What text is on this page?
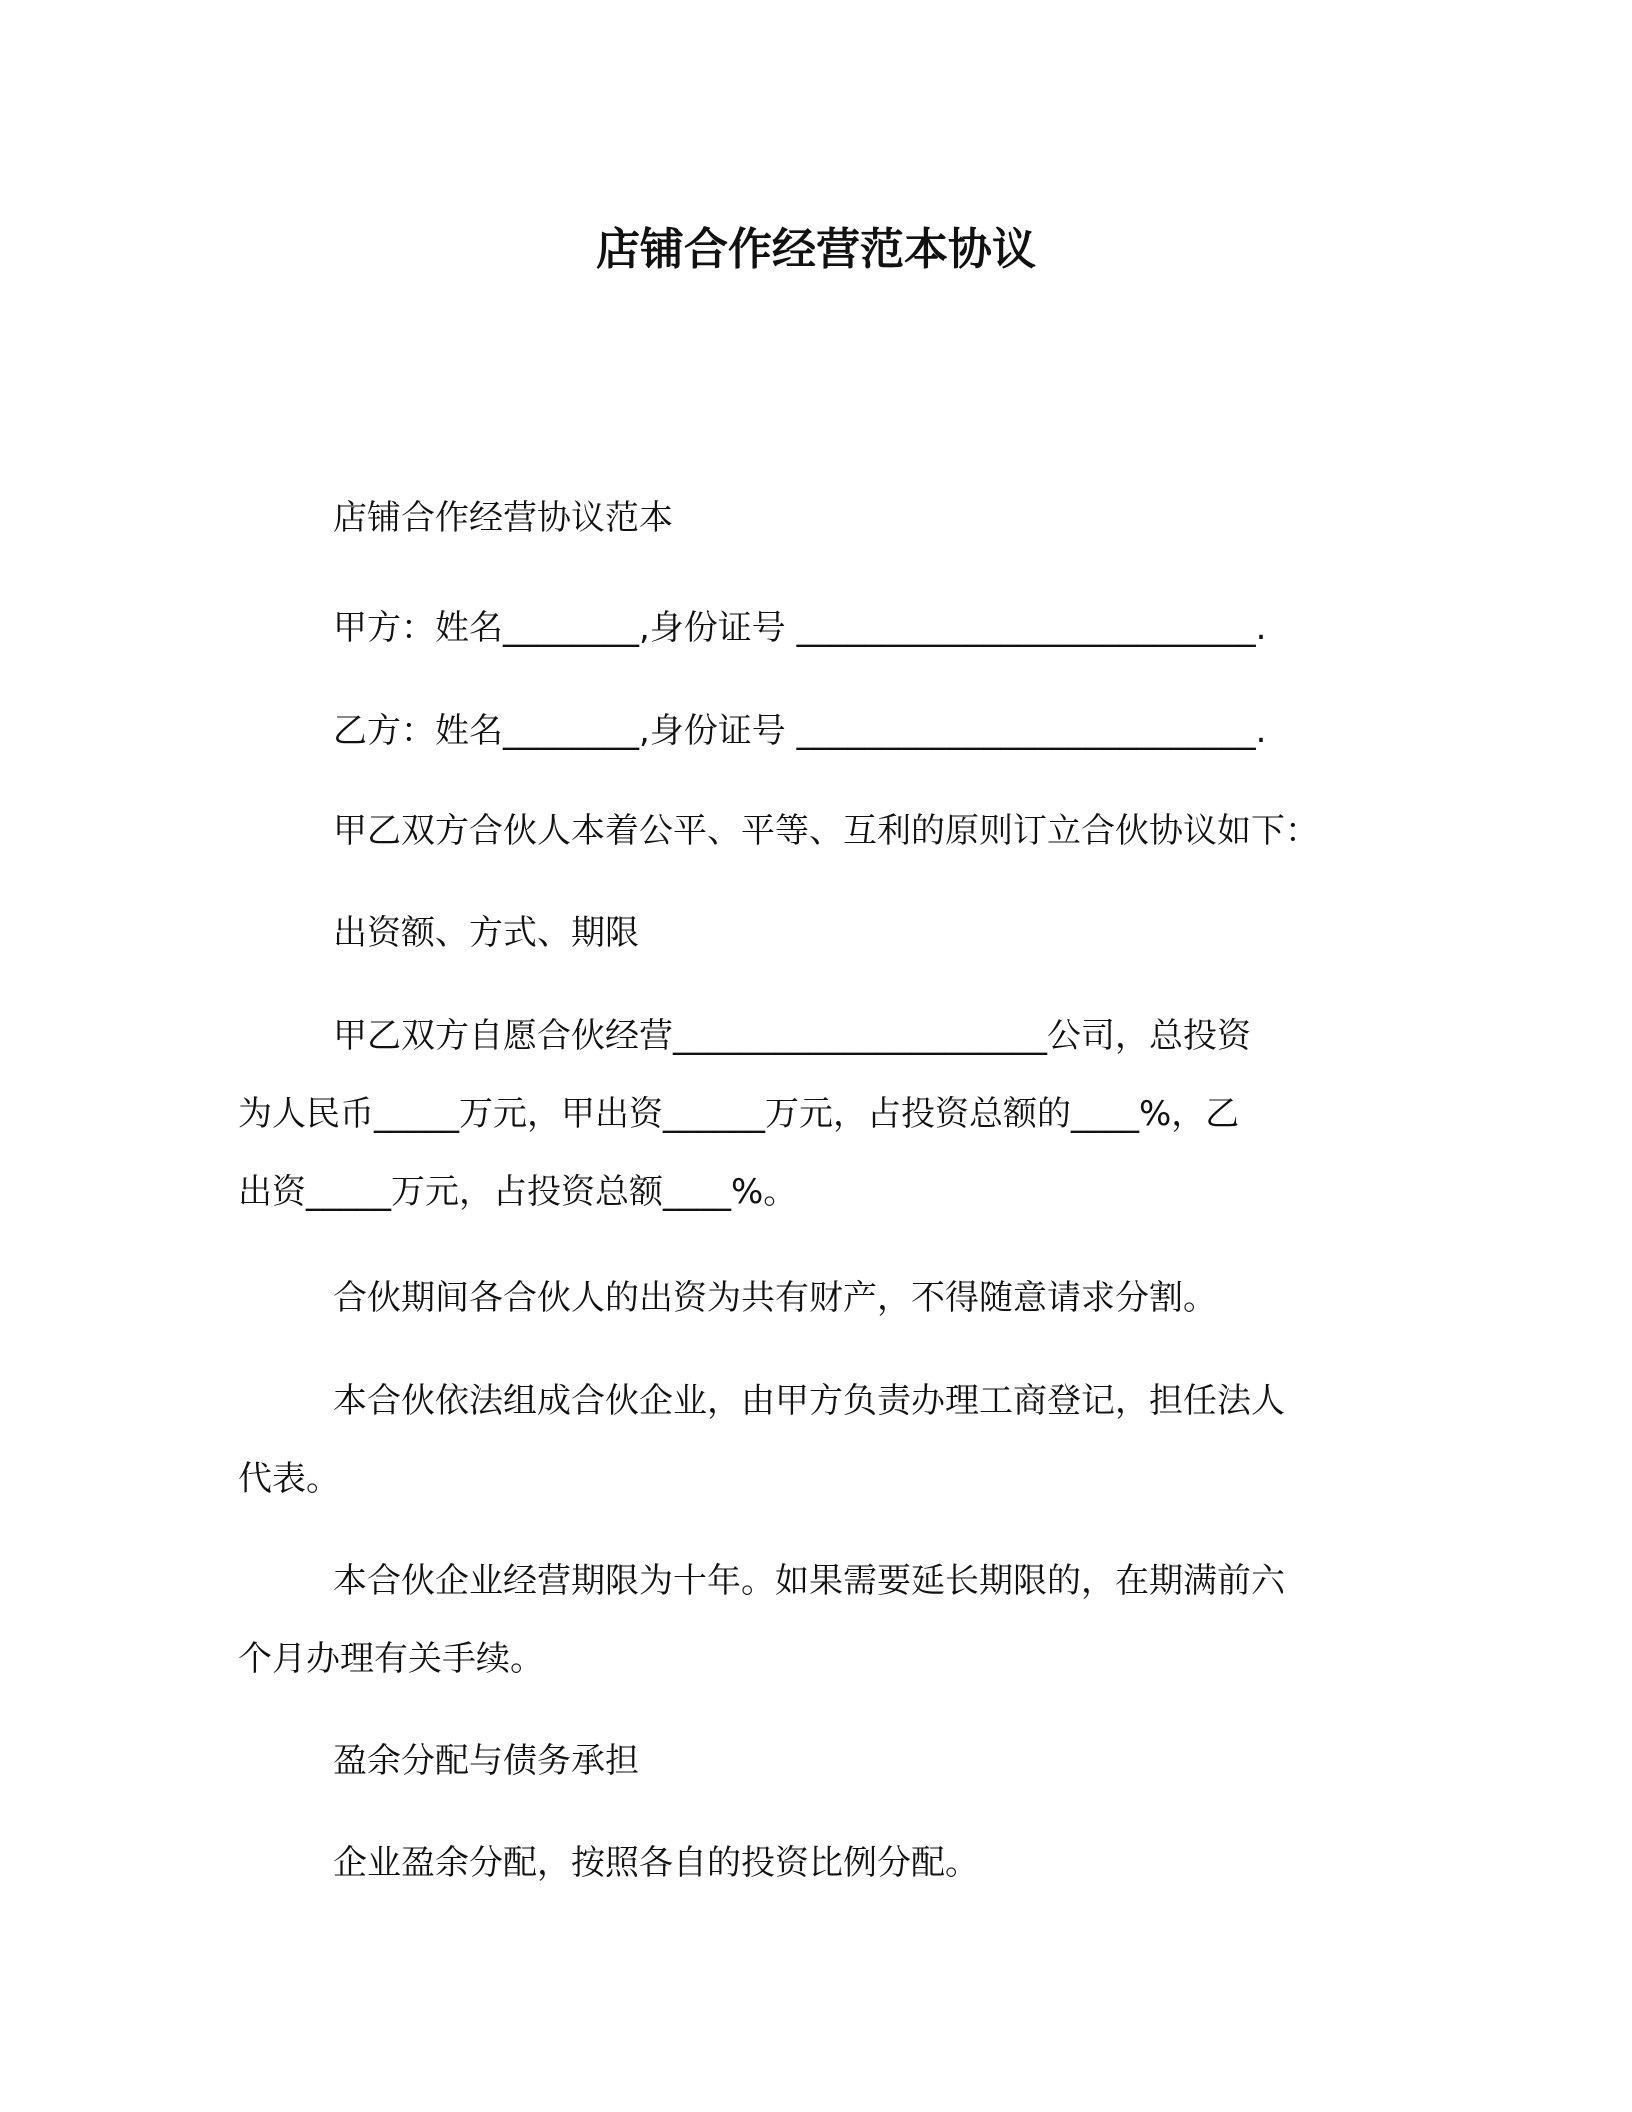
店铺合作经营范本协议
店铺合作经营协议范本
甲方：姓名________,身份证号 ___________________________.
乙方：姓名________,身份证号 ___________________________.
甲乙双方合伙人本着公平、平等、互利的原则订立合伙协议如下：
出资额、方式、期限
甲乙双方自愿合伙经营______________________公司，总投资
为人民币_____万元，甲出资______万元，占投资总额的____%，乙
出资_____万元，占投资总额____%。
合伙期间各合伙人的出资为共有财产，不得随意请求分割。
本合伙依法组成合伙企业，由甲方负责办理工商登记，担任法人
代表。
本合伙企业经营期限为十年。如果需要延长期限的，在期满前六
个月办理有关手续。
盈余分配与债务承担
企业盈余分配，按照各自的投资比例分配。
